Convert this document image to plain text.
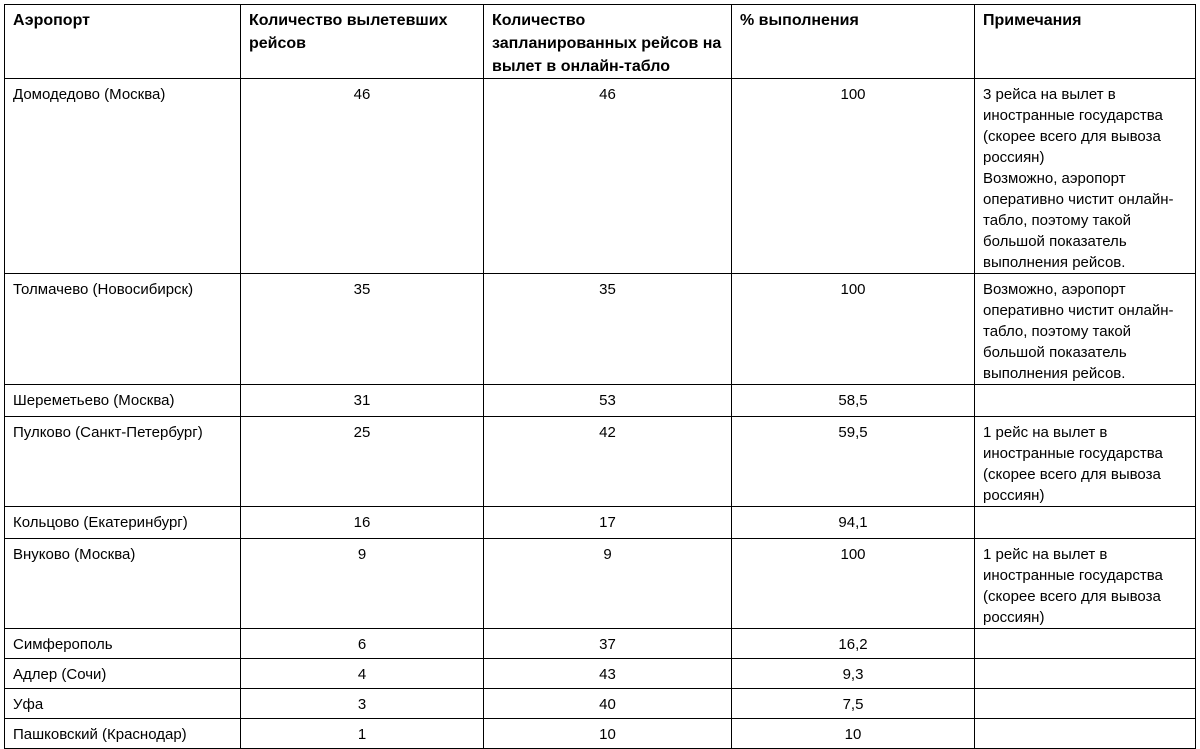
Аэропорт	Количество вылетевших рейсов	Количество запланированных рейсов на вылет в онлайн-табло	% выполнения	Примечания
Домодедово (Москва)	46	46	100	3 рейса на вылет в иностранные государства (скорее всего для вывоза россиян)
Возможно, аэропорт оперативно чистит онлайн-табло, поэтому такой большой показатель выполнения рейсов.

Толмачево (Новосибирск)	35	35	100	Возможно, аэропорт оперативно чистит онлайн-табло, поэтому такой большой показатель выполнения рейсов.

Шереметьево (Москва)	31	53	58,5	
Пулково (Санкт-Петербург)	25	42	59,5	1 рейс на вылет в иностранные государства (скорее всего для вывоза россиян)

Кольцово (Екатеринбург)	16	17	94,1	
Внуково (Москва)	9	9	100	1 рейс на вылет в иностранные государства (скорее всего для вывоза россиян)

Симферополь	6	37	16,2	
Адлер (Сочи)	4	43	9,3	
Уфа	3	40	7,5	
Пашковский (Краснодар)	1	10	10	
